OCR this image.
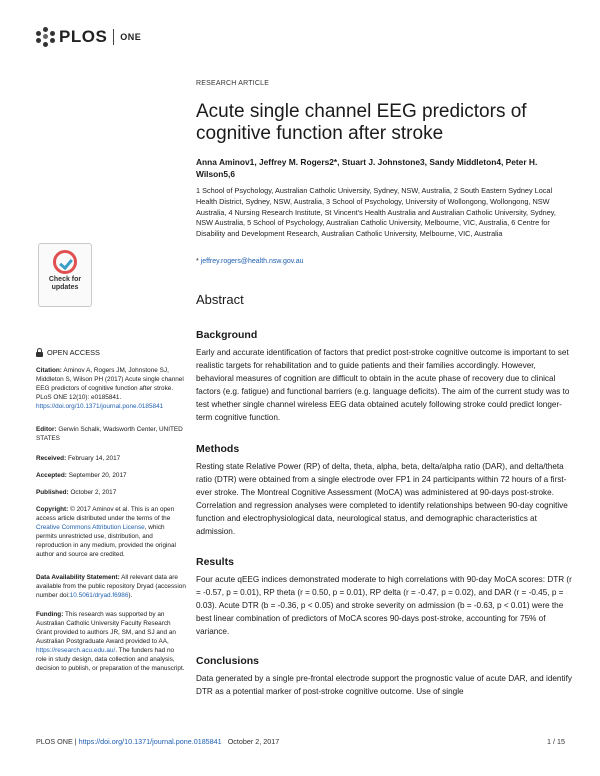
PLOS ONE
RESEARCH ARTICLE
Acute single channel EEG predictors of cognitive function after stroke
Anna Aminov1, Jeffrey M. Rogers2*, Stuart J. Johnstone3, Sandy Middleton4, Peter H. Wilson5,6
1 School of Psychology, Australian Catholic University, Sydney, NSW, Australia, 2 South Eastern Sydney Local Health District, Sydney, NSW, Australia, 3 School of Psychology, University of Wollongong, Wollongong, NSW Australia, 4 Nursing Research Institute, St Vincent's Health Australia and Australian Catholic University, Sydney, NSW Australia, 5 School of Psychology, Australian Catholic University, Melbourne, VIC, Australia, 6 Centre for Disability and Development Research, Australian Catholic University, Melbourne, VIC, Australia
* jeffrey.rogers@health.nsw.gov.au
Check for updates
Abstract
Background
Early and accurate identification of factors that predict post-stroke cognitive outcome is important to set realistic targets for rehabilitation and to guide patients and their families accordingly. However, behavioral measures of cognition are difficult to obtain in the acute phase of recovery due to clinical factors (e.g. fatigue) and functional barriers (e.g. language deficits). The aim of the current study was to test whether single channel wireless EEG data obtained acutely following stroke could predict longer-term cognitive function.
Methods
Resting state Relative Power (RP) of delta, theta, alpha, beta, delta/alpha ratio (DAR), and delta/theta ratio (DTR) were obtained from a single electrode over FP1 in 24 participants within 72 hours of a first-ever stroke. The Montreal Cognitive Assessment (MoCA) was administered at 90-days post-stroke. Correlation and regression analyses were completed to identify relationships between 90-day cognitive function and electrophysiological data, neurological status, and demographic characteristics at admission.
Results
Four acute qEEG indices demonstrated moderate to high correlations with 90-day MoCA scores: DTR (r = -0.57, p = 0.01), RP theta (r = 0.50, p = 0.01), RP delta (r = -0.47, p = 0.02), and DAR (r = -0.45, p = 0.03). Acute DTR (b = -0.36, p < 0.05) and stroke severity on admission (b = -0.63, p < 0.01) were the best linear combination of predictors of MoCA scores 90-days post-stroke, accounting for 75% of variance.
Conclusions
Data generated by a single pre-frontal electrode support the prognostic value of acute DAR, and identify DTR as a potential marker of post-stroke cognitive outcome. Use of single
OPEN ACCESS
Citation: Aminov A, Rogers JM, Johnstone SJ, Middleton S, Wilson PH (2017) Acute single channel EEG predictors of cognitive function after stroke. PLoS ONE 12(10): e0185841. https://doi.org/10.1371/journal.pone.0185841
Editor: Gerwin Schalk, Wadsworth Center, UNITED STATES
Received: February 14, 2017
Accepted: September 20, 2017
Published: October 2, 2017
Copyright: © 2017 Aminov et al. This is an open access article distributed under the terms of the Creative Commons Attribution License, which permits unrestricted use, distribution, and reproduction in any medium, provided the original author and source are credited.
Data Availability Statement: All relevant data are available from the public repository Dryad (accession number doi:10.5061/dryad.f6986).
Funding: This research was supported by an Australian Catholic University Faculty Research Grant provided to authors JR, SM, and SJ and an Australian Postgraduate Award provided to AA, https://research.acu.edu.au/. The funders had no role in study design, data collection and analysis, decision to publish, or preparation of the manuscript.
PLOS ONE | https://doi.org/10.1371/journal.pone.0185841 October 2, 2017	1 / 15
